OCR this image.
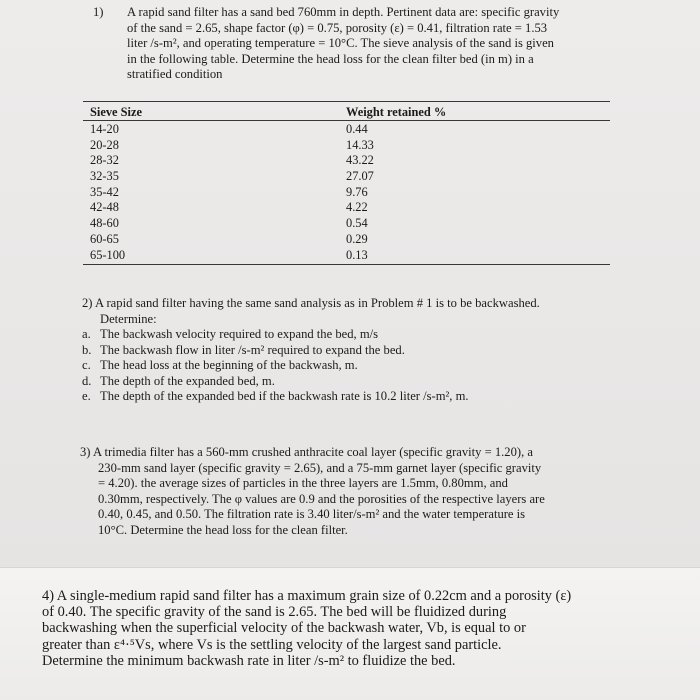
1) A rapid sand filter has a sand bed 760mm in depth. Pertinent data are: specific gravity
of the sand = 2.65, shape factor (φ) = 0.75, porosity (ε) = 0.41, filtration rate = 1.53
liter /s-m², and operating temperature = 10°C. The sieve analysis of the sand is given
in the following table. Determine the head loss for the clean filter bed (in m) in a
stratified condition
Sieve Size	Weight retained %
14-20	0.44
20-28	14.33
28-32	43.22
32-35	27.07
35-42	9.76
42-48	4.22
48-60	0.54
60-65	0.29
65-100	0.13
2) A rapid sand filter having the same sand analysis as in Problem # 1 is to be backwashed.
Determine:
a. The backwash velocity required to expand the bed, m/s
b. The backwash flow in liter /s-m² required to expand the bed.
c. The head loss at the beginning of the backwash, m.
d. The depth of the expanded bed, m.
e. The depth of the expanded bed if the backwash rate is 10.2 liter /s-m², m.
3) A trimedia filter has a 560-mm crushed anthracite coal layer (specific gravity = 1.20), a
230-mm sand layer (specific gravity = 2.65), and a 75-mm garnet layer (specific gravity
= 4.20). the average sizes of particles in the three layers are 1.5mm, 0.80mm, and
0.30mm, respectively. The φ values are 0.9 and the porosities of the respective layers are
0.40, 0.45, and 0.50. The filtration rate is 3.40 liter/s-m² and the water temperature is
10°C. Determine the head loss for the clean filter.
4) A single-medium rapid sand filter has a maximum grain size of 0.22cm and a porosity (ε)
of 0.40. The specific gravity of the sand is 2.65. The bed will be fluidized during
backwashing when the superficial velocity of the backwash water, Vb, is equal to or
greater than ε⁴·⁵Vs, where Vs is the settling velocity of the largest sand particle.
Determine the minimum backwash rate in liter /s-m² to fluidize the bed.
